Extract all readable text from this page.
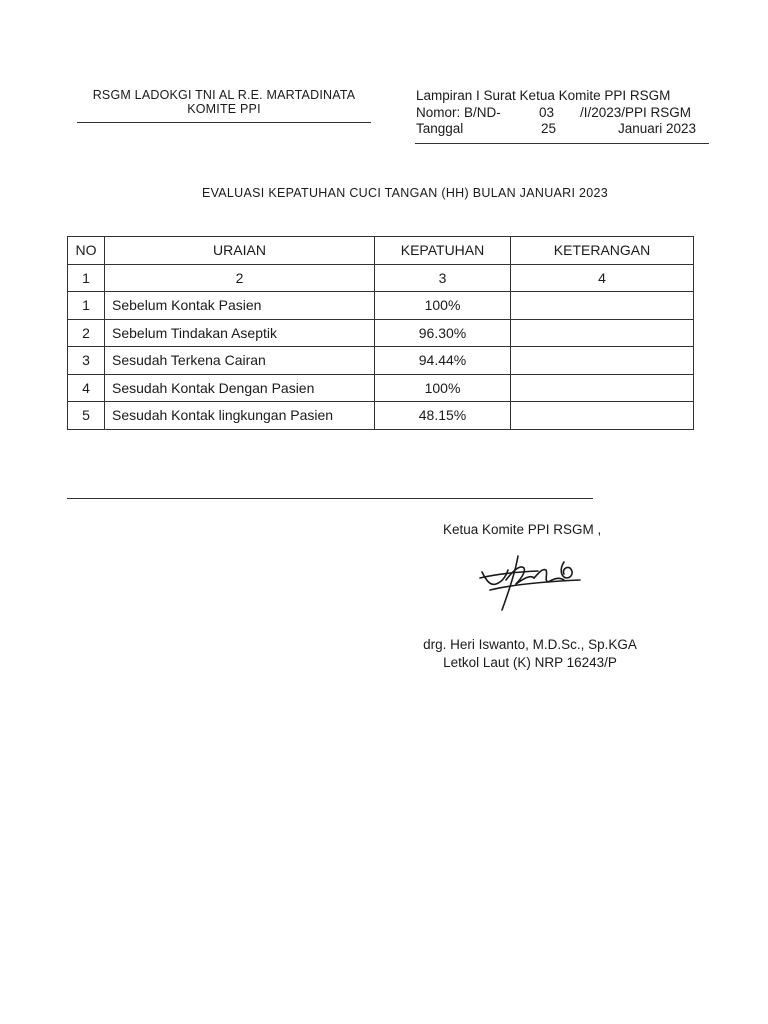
RSGM LADOKGI TNI AL R.E. MARTADINATA
KOMITE PPI
Lampiran I Surat Ketua Komite PPI RSGM
Nomor: B/ND-	03 /I/2023/PPI RSGM
Tanggal	25	Januari 2023
EVALUASI KEPATUHAN CUCI TANGAN (HH) BULAN JANUARI 2023
NO	URAIAN	KEPATUHAN	KETERANGAN
1	2	3	4
1	Sebelum Kontak Pasien	100%	
2	Sebelum Tindakan Aseptik	96.30%	
3	Sesudah Terkena Cairan	94.44%	
4	Sesudah Kontak Dengan Pasien	100%	
5	Sesudah Kontak lingkungan Pasien	48.15%	
Ketua Komite PPI RSGM ,
drg. Heri Iswanto, M.D.Sc., Sp.KGA
Letkol Laut (K) NRP 16243/P
